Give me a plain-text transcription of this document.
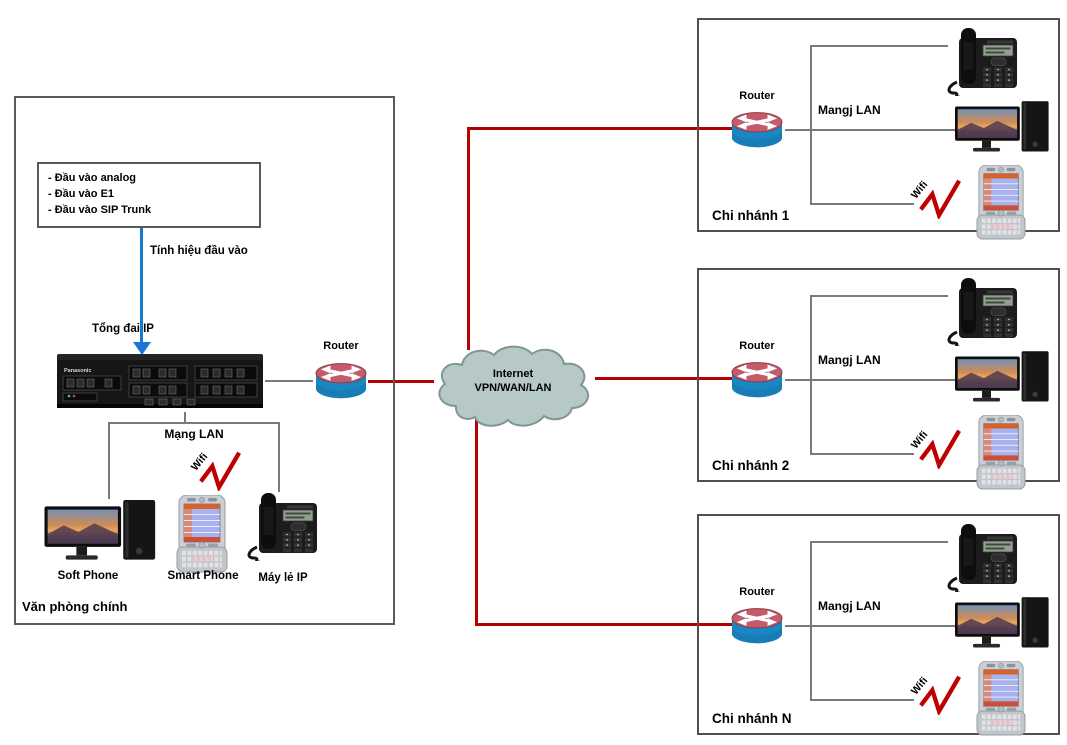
Internet
VPN/WAN/LAN
- Đầu vào analog
- Đầu vào E1
- Đầu vào SIP Trunk
Tính hiệu đầu vào
Tổng đai IP
Router
Mạng LAN
Wifi
Soft Phone	Smart Phone	Máy lẻ IP
Văn phòng chính
Router
Mangj LAN
Wifi
Chi nhánh 1
Router
Mangj LAN
Wifi
Chi nhánh 2
Router
Mangj LAN
Wifi
Chi nhánh N
